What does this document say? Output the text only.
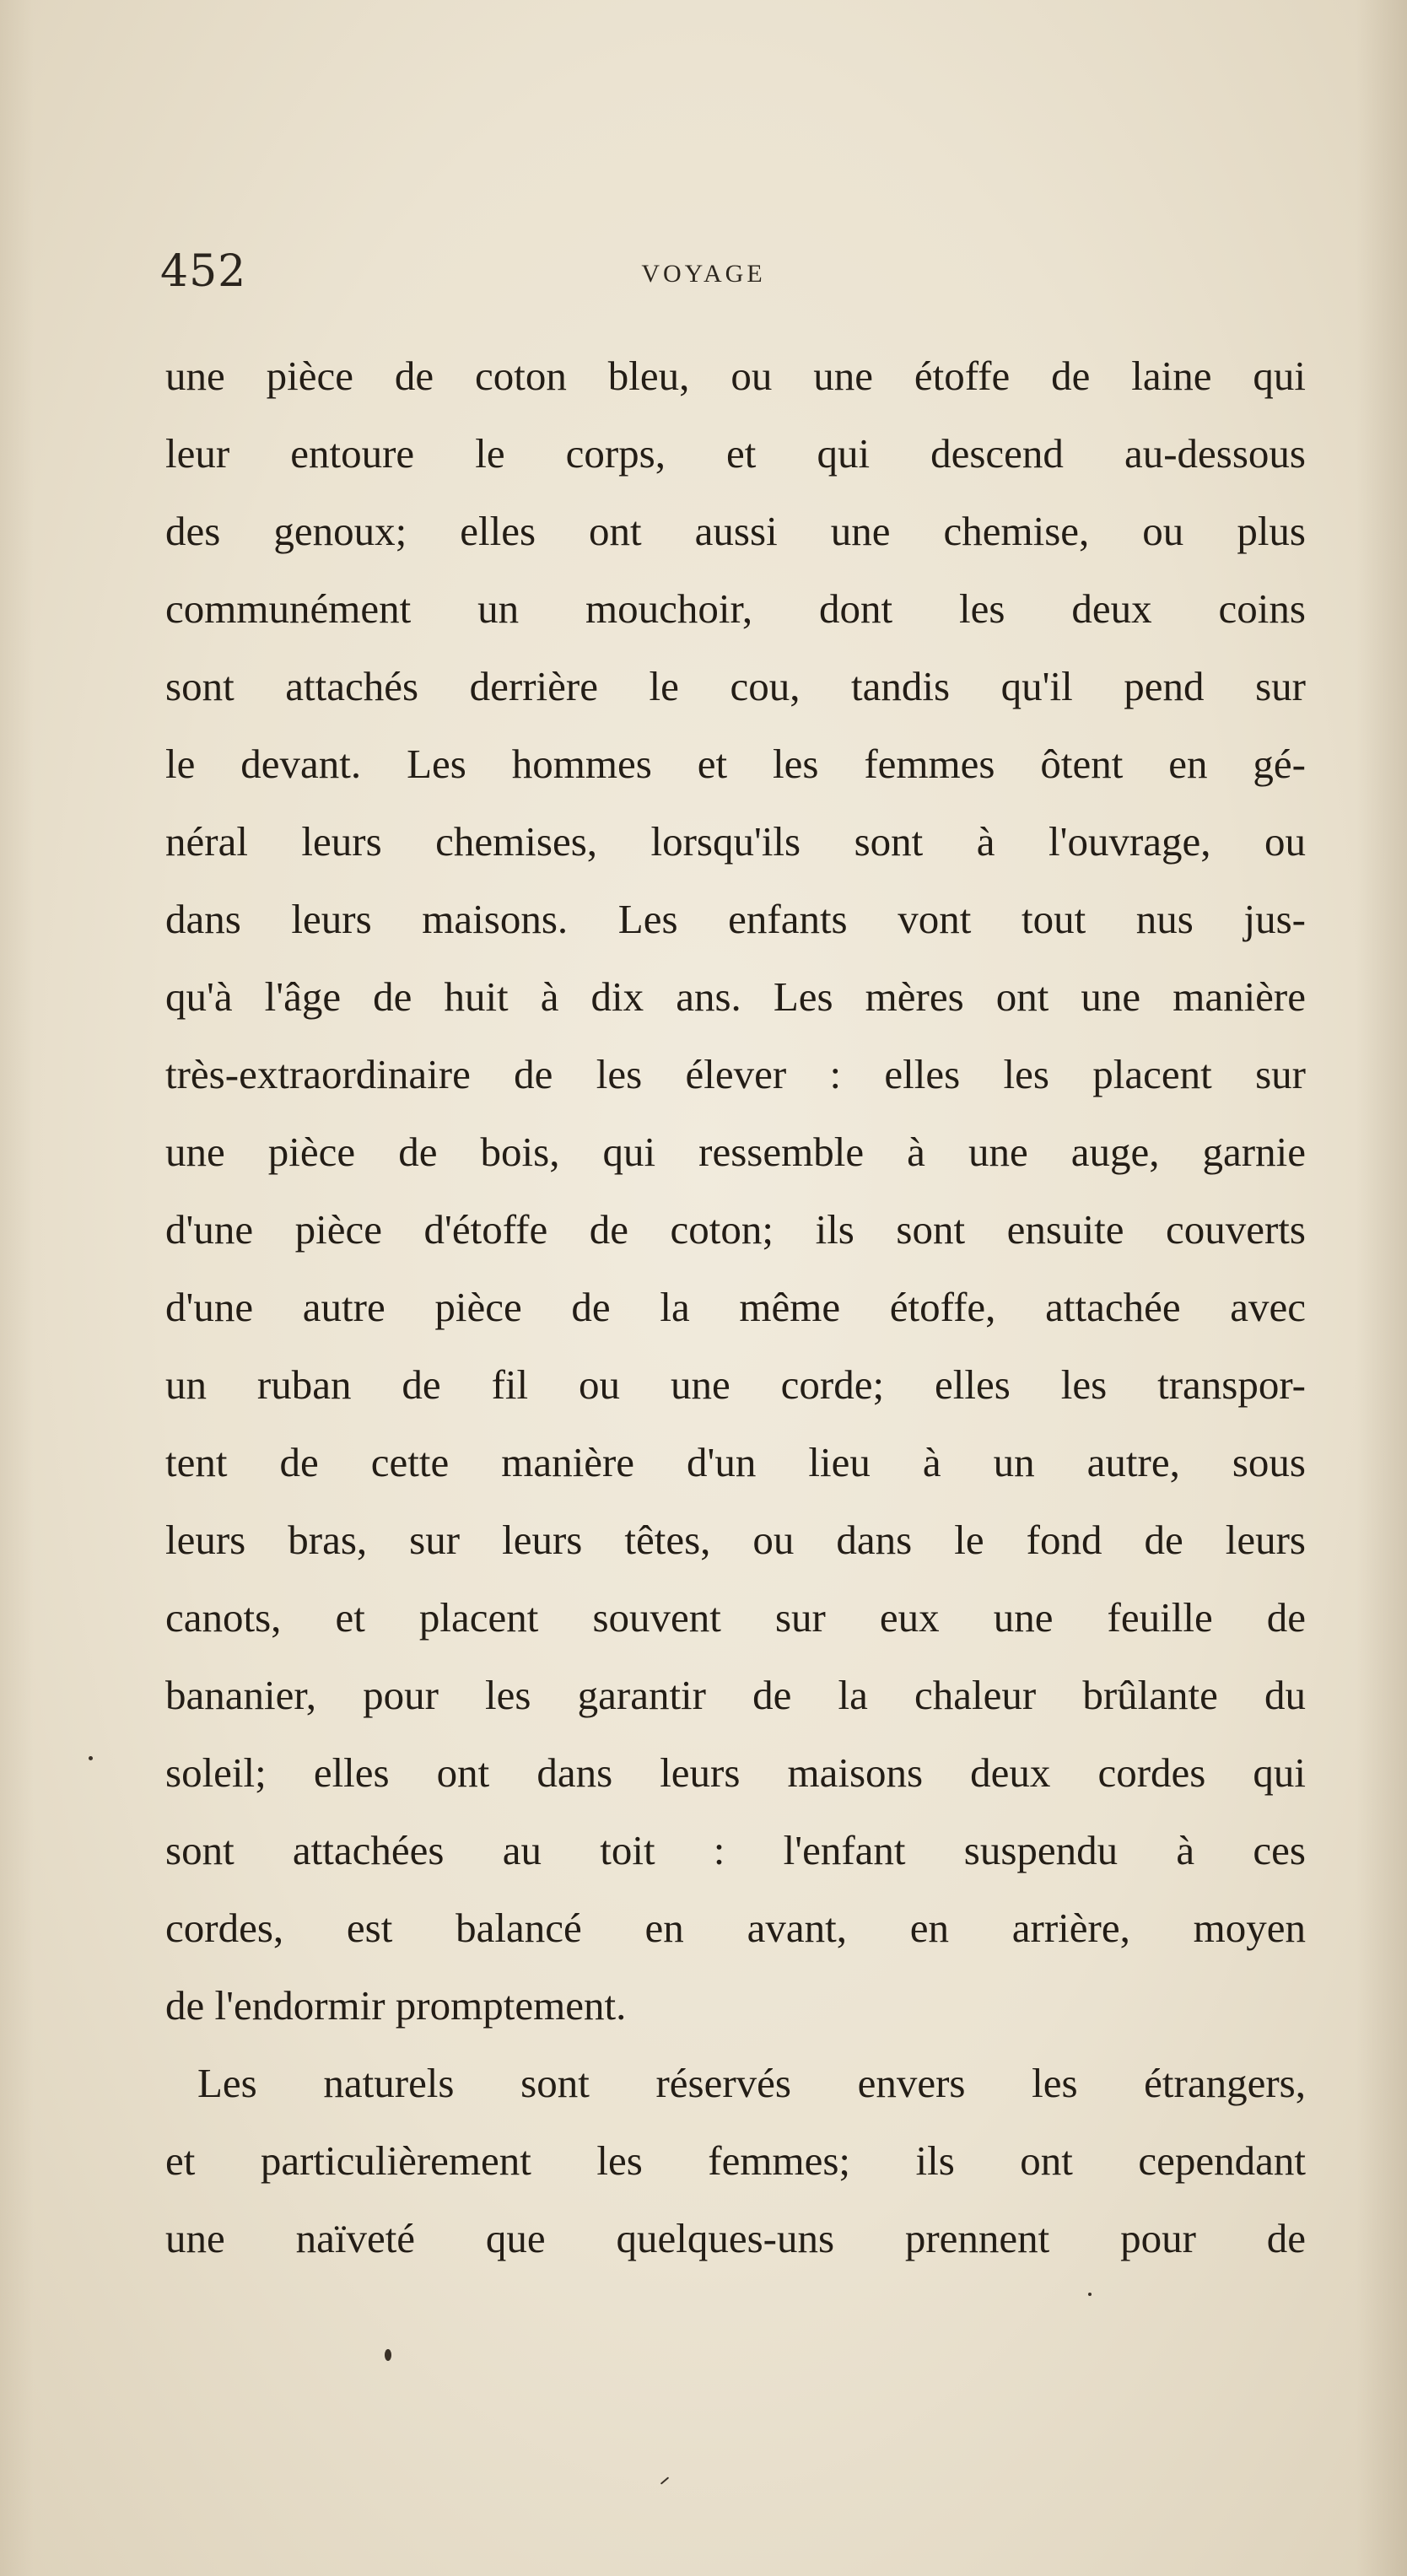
452	VOYAGE
une pièce de coton bleu, ou une étoffe de laine qui
leur entoure le corps, et qui descend au-dessous
des genoux; elles ont aussi une chemise, ou plus
communément un mouchoir, dont les deux coins
sont attachés derrière le cou, tandis qu'il pend sur
le devant. Les hommes et les femmes ôtent en gé-
néral leurs chemises, lorsqu'ils sont à l'ouvrage, ou
dans leurs maisons. Les enfants vont tout nus jus-
qu'à l'âge de huit à dix ans. Les mères ont une manière
très-extraordinaire de les élever : elles les placent sur
une pièce de bois, qui ressemble à une auge, garnie
d'une pièce d'étoffe de coton; ils sont ensuite couverts
d'une autre pièce de la même étoffe, attachée avec
un ruban de fil ou une corde; elles les transpor-
tent de cette manière d'un lieu à un autre, sous
leurs bras, sur leurs têtes, ou dans le fond de leurs
canots, et placent souvent sur eux une feuille de
bananier, pour les garantir de la chaleur brûlante du
soleil; elles ont dans leurs maisons deux cordes qui
sont attachées au toit : l'enfant suspendu à ces
cordes, est balancé en avant, en arrière, moyen
de l'endormir promptement.
Les naturels sont réservés envers les étrangers,
et particulièrement les femmes; ils ont cependant
une naïveté que quelques-uns prennent pour de
